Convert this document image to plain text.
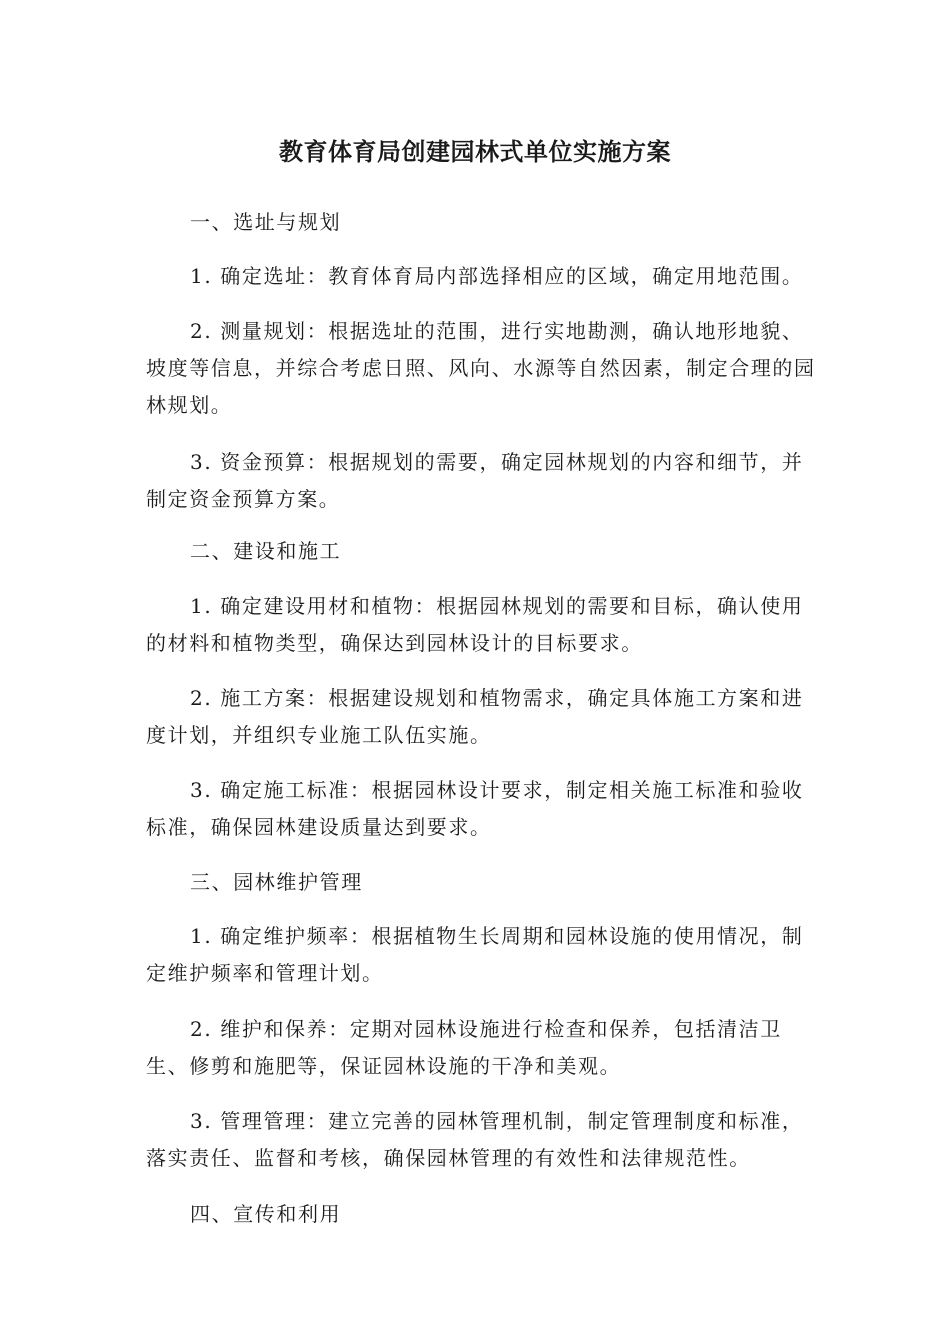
教育体育局创建园林式单位实施方案

一、选址与规划

1. 确定选址：教育体育局内部选择相应的区域，确定用地范围。

2. 测量规划：根据选址的范围，进行实地勘测，确认地形地貌、坡度等信息，并综合考虑日照、风向、水源等自然因素，制定合理的园林规划。

3. 资金预算：根据规划的需要，确定园林规划的内容和细节，并制定资金预算方案。

二、建设和施工

1. 确定建设用材和植物：根据园林规划的需要和目标，确认使用的材料和植物类型，确保达到园林设计的目标要求。

2. 施工方案：根据建设规划和植物需求，确定具体施工方案和进度计划，并组织专业施工队伍实施。

3. 确定施工标准：根据园林设计要求，制定相关施工标准和验收标准，确保园林建设质量达到要求。

三、园林维护管理

1. 确定维护频率：根据植物生长周期和园林设施的使用情况，制定维护频率和管理计划。

2. 维护和保养：定期对园林设施进行检查和保养，包括清洁卫生、修剪和施肥等，保证园林设施的干净和美观。

3. 管理管理：建立完善的园林管理机制，制定管理制度和标准，落实责任、监督和考核，确保园林管理的有效性和法律规范性。

四、宣传和利用
